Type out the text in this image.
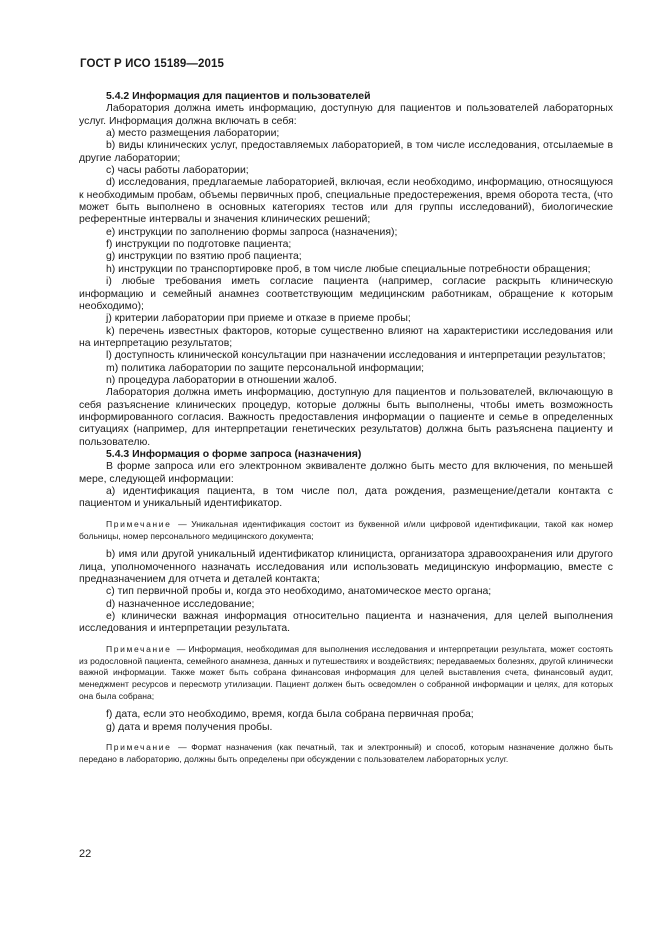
ГОСТ Р ИСО 15189—2015

5.4.2 Информация для пациентов и пользователей

Лаборатория должна иметь информацию, доступную для пациентов и пользователей лабораторных услуг. Информация должна включать в себя:

а) место размещения лаборатории;

b) виды клинических услуг, предоставляемых лабораторией, в том числе исследования, отсылаемые в другие лаборатории;

c) часы работы лаборатории;

d) исследования, предлагаемые лабораторией, включая, если необходимо, информацию, относящуюся к необходимым пробам, объемы первичных проб, специальные предостережения, время оборота теста, (что может быть выполнено в основных категориях тестов или для группы исследований), биологические референтные интервалы и значения клинических решений;

e) инструкции по заполнению формы запроса (назначения);

f) инструкции по подготовке пациента;

g) инструкции по взятию проб пациента;

h) инструкции по транспортировке проб, в том числе любые специальные потребности обращения;

i) любые требования иметь согласие пациента (например, согласие раскрыть клиническую информацию и семейный анамнез соответствующим медицинским работникам, обращение к которым необходимо);

j) критерии лаборатории при приеме и отказе в приеме пробы;

k) перечень известных факторов, которые существенно влияют на характеристики исследования или на интерпретацию результатов;

l) доступность клинической консультации при назначении исследования и интерпретации результатов;

m) политика лаборатории по защите персональной информации;

n) процедура лаборатории в отношении жалоб.

Лаборатория должна иметь информацию, доступную для пациентов и пользователей, включающую в себя разъяснение клинических процедур, которые должны быть выполнены, чтобы иметь возможность информированного согласия. Важность предоставления информации о пациенте и семье в определенных ситуациях (например, для интерпретации генетических результатов) должна быть разъяснена пациенту и пользователю.

5.4.3 Информация о форме запроса (назначения)

В форме запроса или его электронном эквиваленте должно быть место для включения, по меньшей мере, следующей информации:

a) идентификация пациента, в том числе пол, дата рождения, размещение/детали контакта с пациентом и уникальный идентификатор.

Примечание — Уникальная идентификация состоит из буквенной и/или цифровой идентификации, такой как номер больницы, номер персонального медицинского документа;

b) имя или другой уникальный идентификатор клинициста, организатора здравоохранения или другого лица, уполномоченного назначать исследования или использовать медицинскую информацию, вместе с предназначением для отчета и деталей контакта;

c) тип первичной пробы и, когда это необходимо, анатомическое место органа;

d) назначенное исследование;

e) клинически важная информация относительно пациента и назначения, для целей выполнения исследования и интерпретации результата.

Примечание — Информация, необходимая для выполнения исследования и интерпретации результата, может состоять из родословной пациента, семейного анамнеза, данных и путешествиях и воздействиях; передаваемых болезнях, другой клинически важной информации. Также может быть собрана финансовая информация для целей выставления счета, финансовый аудит, менеджмент ресурсов и пересмотр утилизации. Пациент должен быть осведомлен о собранной информации и целях, для которых она была собрана;

f) дата, если это необходимо, время, когда была собрана первичная проба;

g) дата и время получения пробы.

Примечание — Формат назначения (как печатный, так и электронный) и способ, которым назначение должно быть передано в лабораторию, должны быть определены при обсуждении с пользователем лабораторных услуг.

22
